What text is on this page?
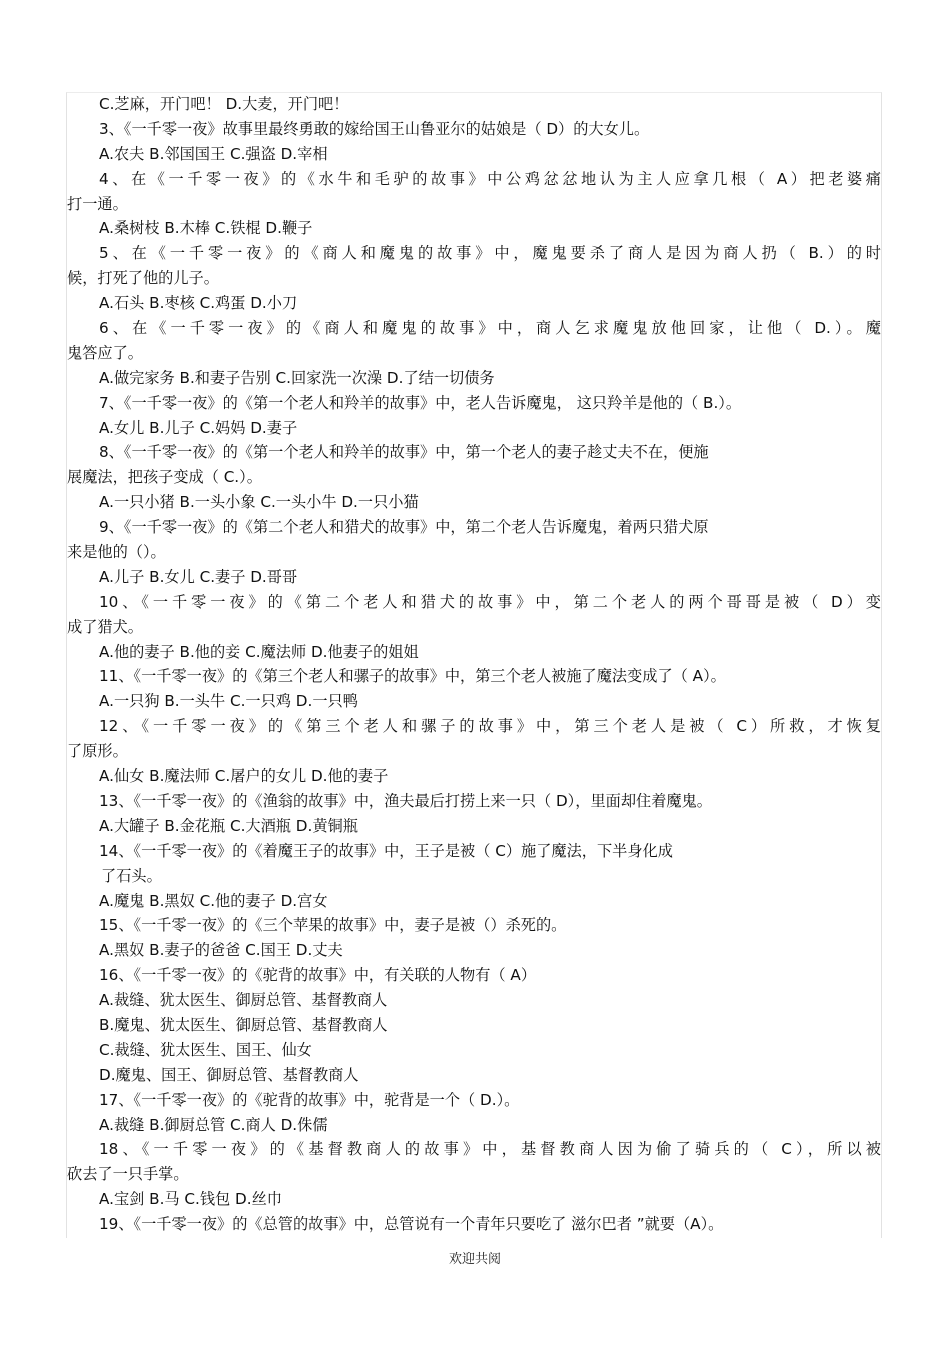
C.芝麻，开门吧！ D.大麦，开门吧！
3、《一千零一夜》故事里最终勇敢的嫁给国王山鲁亚尔的姑娘是（ D）的大女儿。
A.农夫 B.邻国国王 C.强盗 D.宰相
4、在《一千零一夜》的《水牛和毛驴的故事》中公鸡忿忿地认为主人应拿几根（ A）把老婆痛
打一通。
A.桑树枝 B.木棒 C.铁棍 D.鞭子
5、在《一千零一夜》的《商人和魔鬼的故事》中，魔鬼要杀了商人是因为商人扔（ B.）的时
候，打死了他的儿子。
A.石头 B.枣核 C.鸡蛋 D.小刀
6、在《一千零一夜》的《商人和魔鬼的故事》中，商人乞求魔鬼放他回家，让他（ D.）。魔
鬼答应了。
A.做完家务 B.和妻子告别 C.回家洗一次澡 D.了结一切债务
7、《一千零一夜》的《第一个老人和羚羊的故事》中，老人告诉魔鬼， 这只羚羊是他的（ B.）。
A.女儿 B.儿子 C.妈妈 D.妻子
8、《一千零一夜》的《第一个老人和羚羊的故事》中，第一个老人的妻子趁丈夫不在，便施
展魔法，把孩子变成（ C.）。
A.一只小猪 B.一头小象 C.一头小牛 D.一只小猫
9、《一千零一夜》的《第二个老人和猎犬的故事》中，第二个老人告诉魔鬼，着两只猎犬原
来是他的（）。
A.儿子 B.女儿 C.妻子 D.哥哥
10、《一千零一夜》的《第二个老人和猎犬的故事》中，第二个老人的两个哥哥是被（ D）变
成了猎犬。
A.他的妻子 B.他的妾 C.魔法师 D.他妻子的姐姐
11、《一千零一夜》的《第三个老人和骡子的故事》中，第三个老人被施了魔法变成了（ A）。
A.一只狗 B.一头牛 C.一只鸡 D.一只鸭
12、《一千零一夜》的《第三个老人和骡子的故事》中，第三个老人是被（ C）所救，才恢复
了原形。
A.仙女 B.魔法师 C.屠户的女儿 D.他的妻子
13、《一千零一夜》的《渔翁的故事》中，渔夫最后打捞上来一只（ D），里面却住着魔鬼。
A.大罐子 B.金花瓶 C.大酒瓶 D.黄铜瓶
14、《一千零一夜》的《着魔王子的故事》中，王子是被（ C）施了魔法，下半身化成
了石头。
A.魔鬼 B.黑奴 C.他的妻子 D.宫女
15、《一千零一夜》的《三个苹果的故事》中，妻子是被（）杀死的。
A.黑奴 B.妻子的爸爸 C.国王 D.丈夫
16、《一千零一夜》的《驼背的故事》中，有关联的人物有（ A）
A.裁缝、犹太医生、御厨总管、基督教商人
B.魔鬼、犹太医生、御厨总管、基督教商人
C.裁缝、犹太医生、国王、仙女
D.魔鬼、国王、御厨总管、基督教商人
17、《一千零一夜》的《驼背的故事》中，驼背是一个（ D.）。
A.裁缝 B.御厨总管 C.商人 D.侏儒
18、《一千零一夜》的《基督教商人的故事》中，基督教商人因为偷了骑兵的（ C），所以被
砍去了一只手掌。
A.宝剑 B.马 C.钱包 D.丝巾
19、《一千零一夜》的《总管的故事》中，总管说有一个青年只要吃了 滋尔巴者 ”就要（A）。
欢迎共阅
